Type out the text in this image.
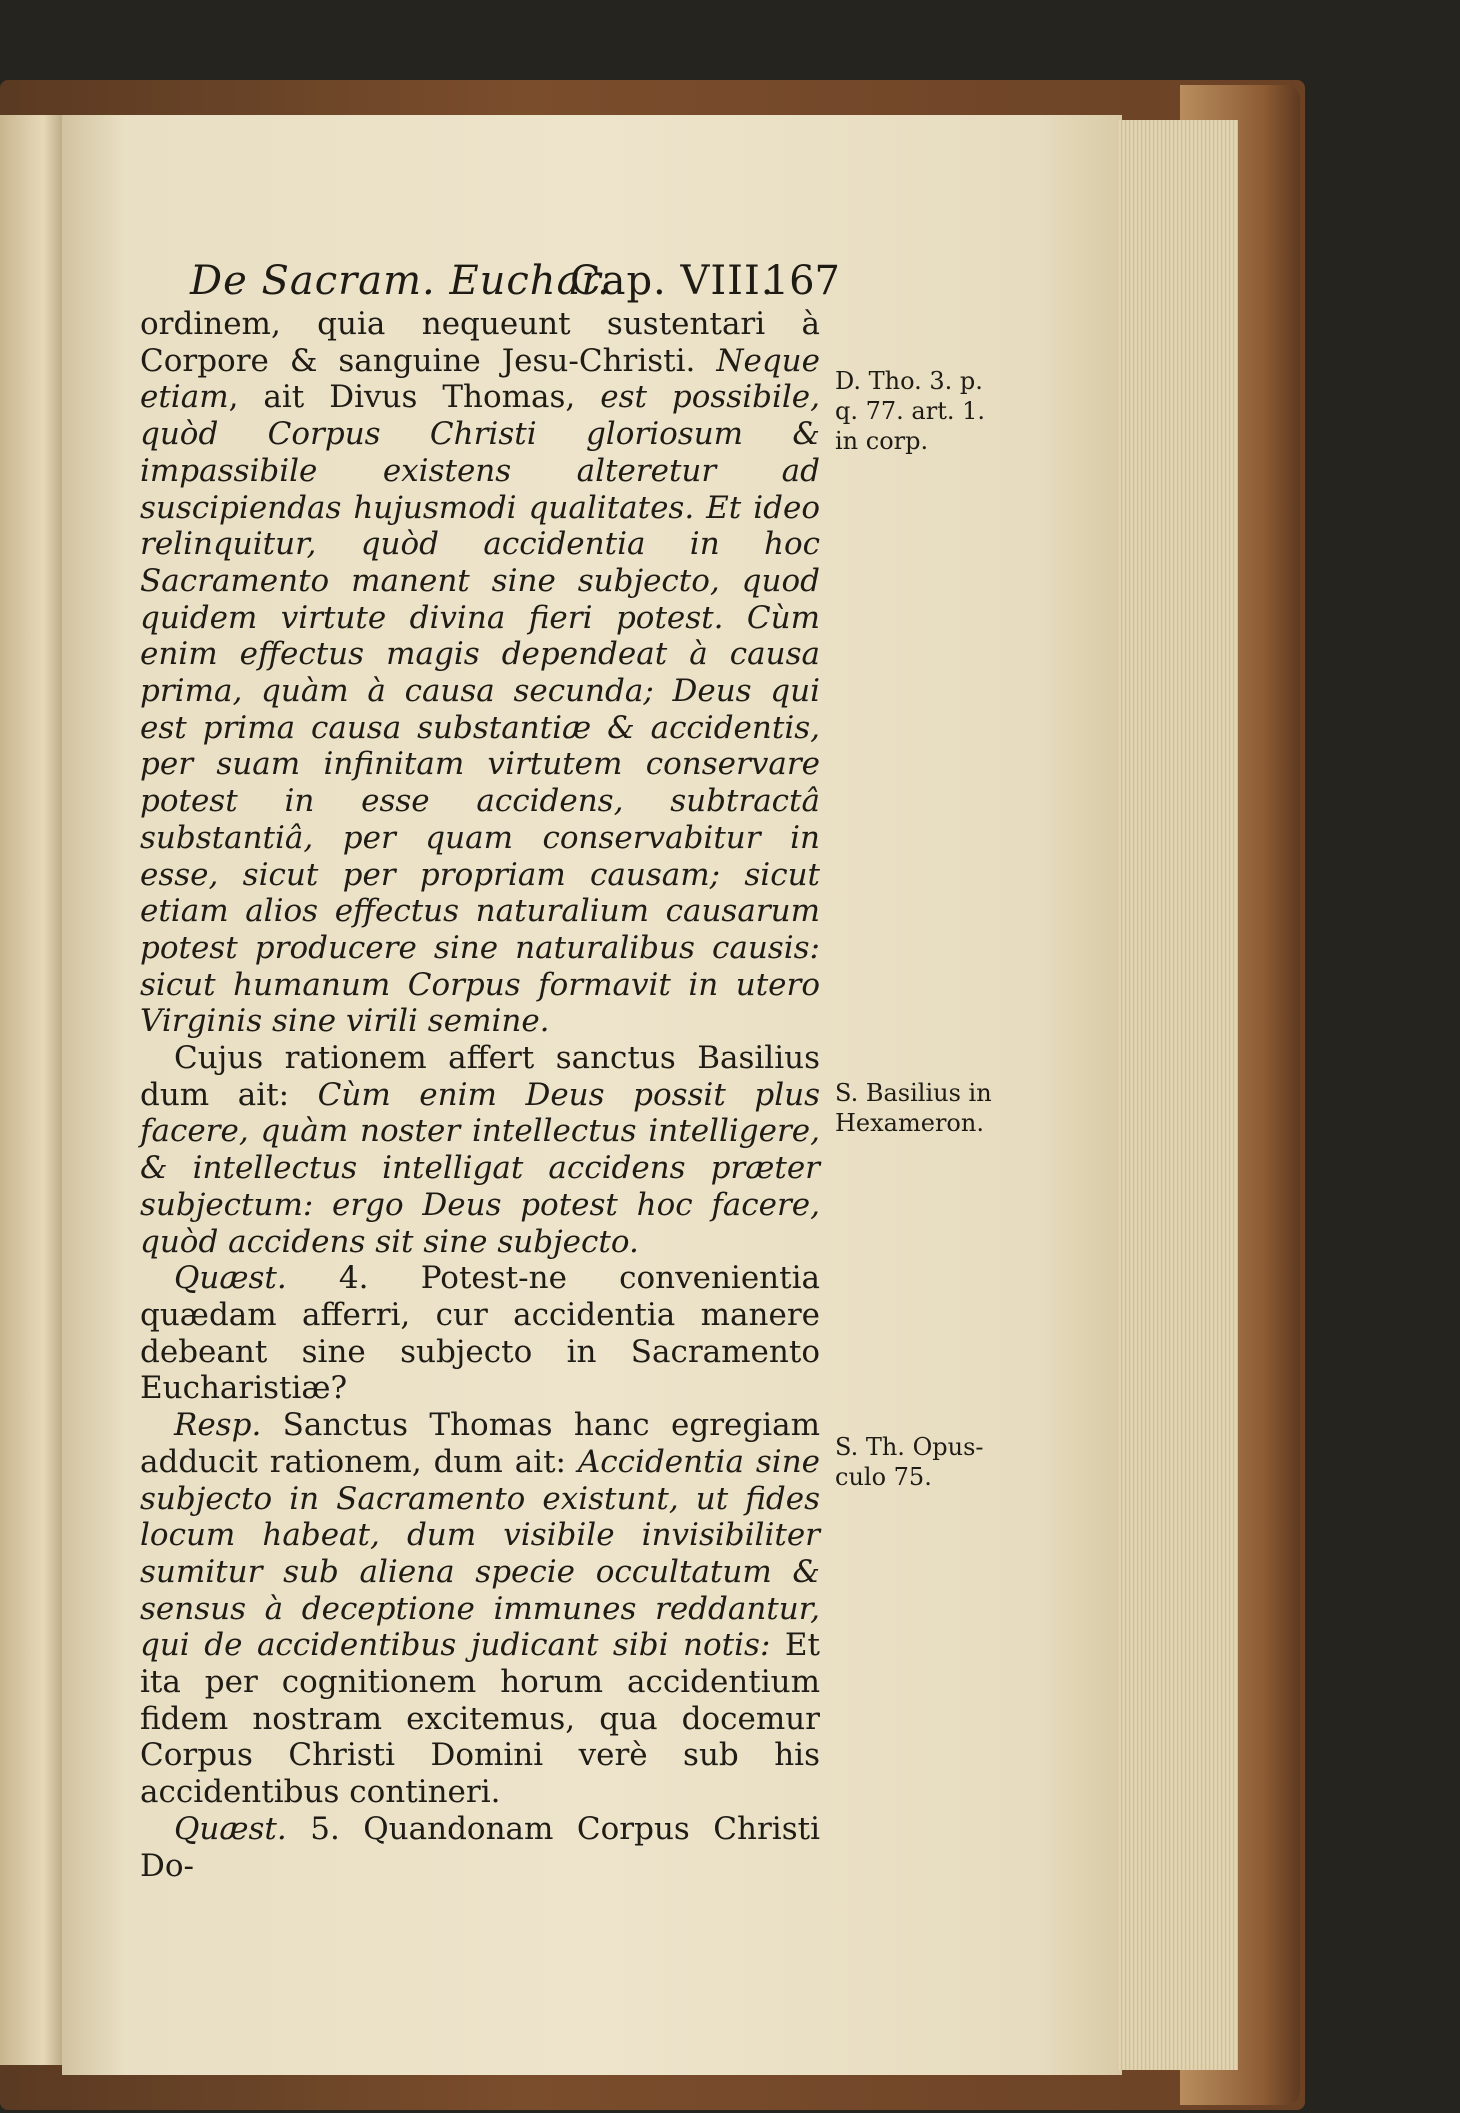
De Sacram. Euchar.
Cap. VIII.
167

ordinem, quia nequeunt sustentari à Corpore & sanguine Jesu-Christi. Neque etiam, ait Divus Thomas, est possibile, quòd Corpus Christi gloriosum & impassibile existens alteretur ad suscipiendas hujusmodi qualitates. Et ideo relinquitur, quòd accidentia in hoc Sacramento manent sine subjecto, quod quidem virtute divina fieri potest. Cùm enim effectus magis dependeat à causa prima, quàm à causa secunda; Deus qui est prima causa substantiæ & accidentis, per suam infinitam virtutem conservare potest in esse accidens, subtractâ substantiâ, per quam conservabitur in esse, sicut per propriam causam; sicut etiam alios effectus naturalium causarum potest producere sine naturalibus causis: sicut humanum Corpus formavit in utero Virginis sine virili semine.

Cujus rationem affert sanctus Basilius dum ait: Cùm enim Deus possit plus facere, quàm noster intellectus intelligere, & intellectus intelligat accidens præter subjectum: ergo Deus potest hoc facere, quòd accidens sit sine subjecto.

Quæst. 4. Potest-ne convenientia quædam afferri, cur accidentia manere debeant sine subjecto in Sacramento Eucharistiæ?

Resp. Sanctus Thomas hanc egregiam adducit rationem, dum ait: Accidentia sine subjecto in Sacramento existunt, ut fides locum habeat, dum visibile invisibiliter sumitur sub aliena specie occultatum & sensus à deceptione immunes reddantur, qui de accidentibus judicant sibi notis: Et ita per cognitionem horum accidentium fidem nostram excitemus, qua docemur Corpus Christi Domini verè sub his accidentibus contineri.

Quæst. 5. Quandonam Corpus Christi Do-

D. Tho. 3. p.
q. 77. art. 1.
in corp.
S. Basilius in
Hexameron.
S. Th. Opus-
culo 75.
